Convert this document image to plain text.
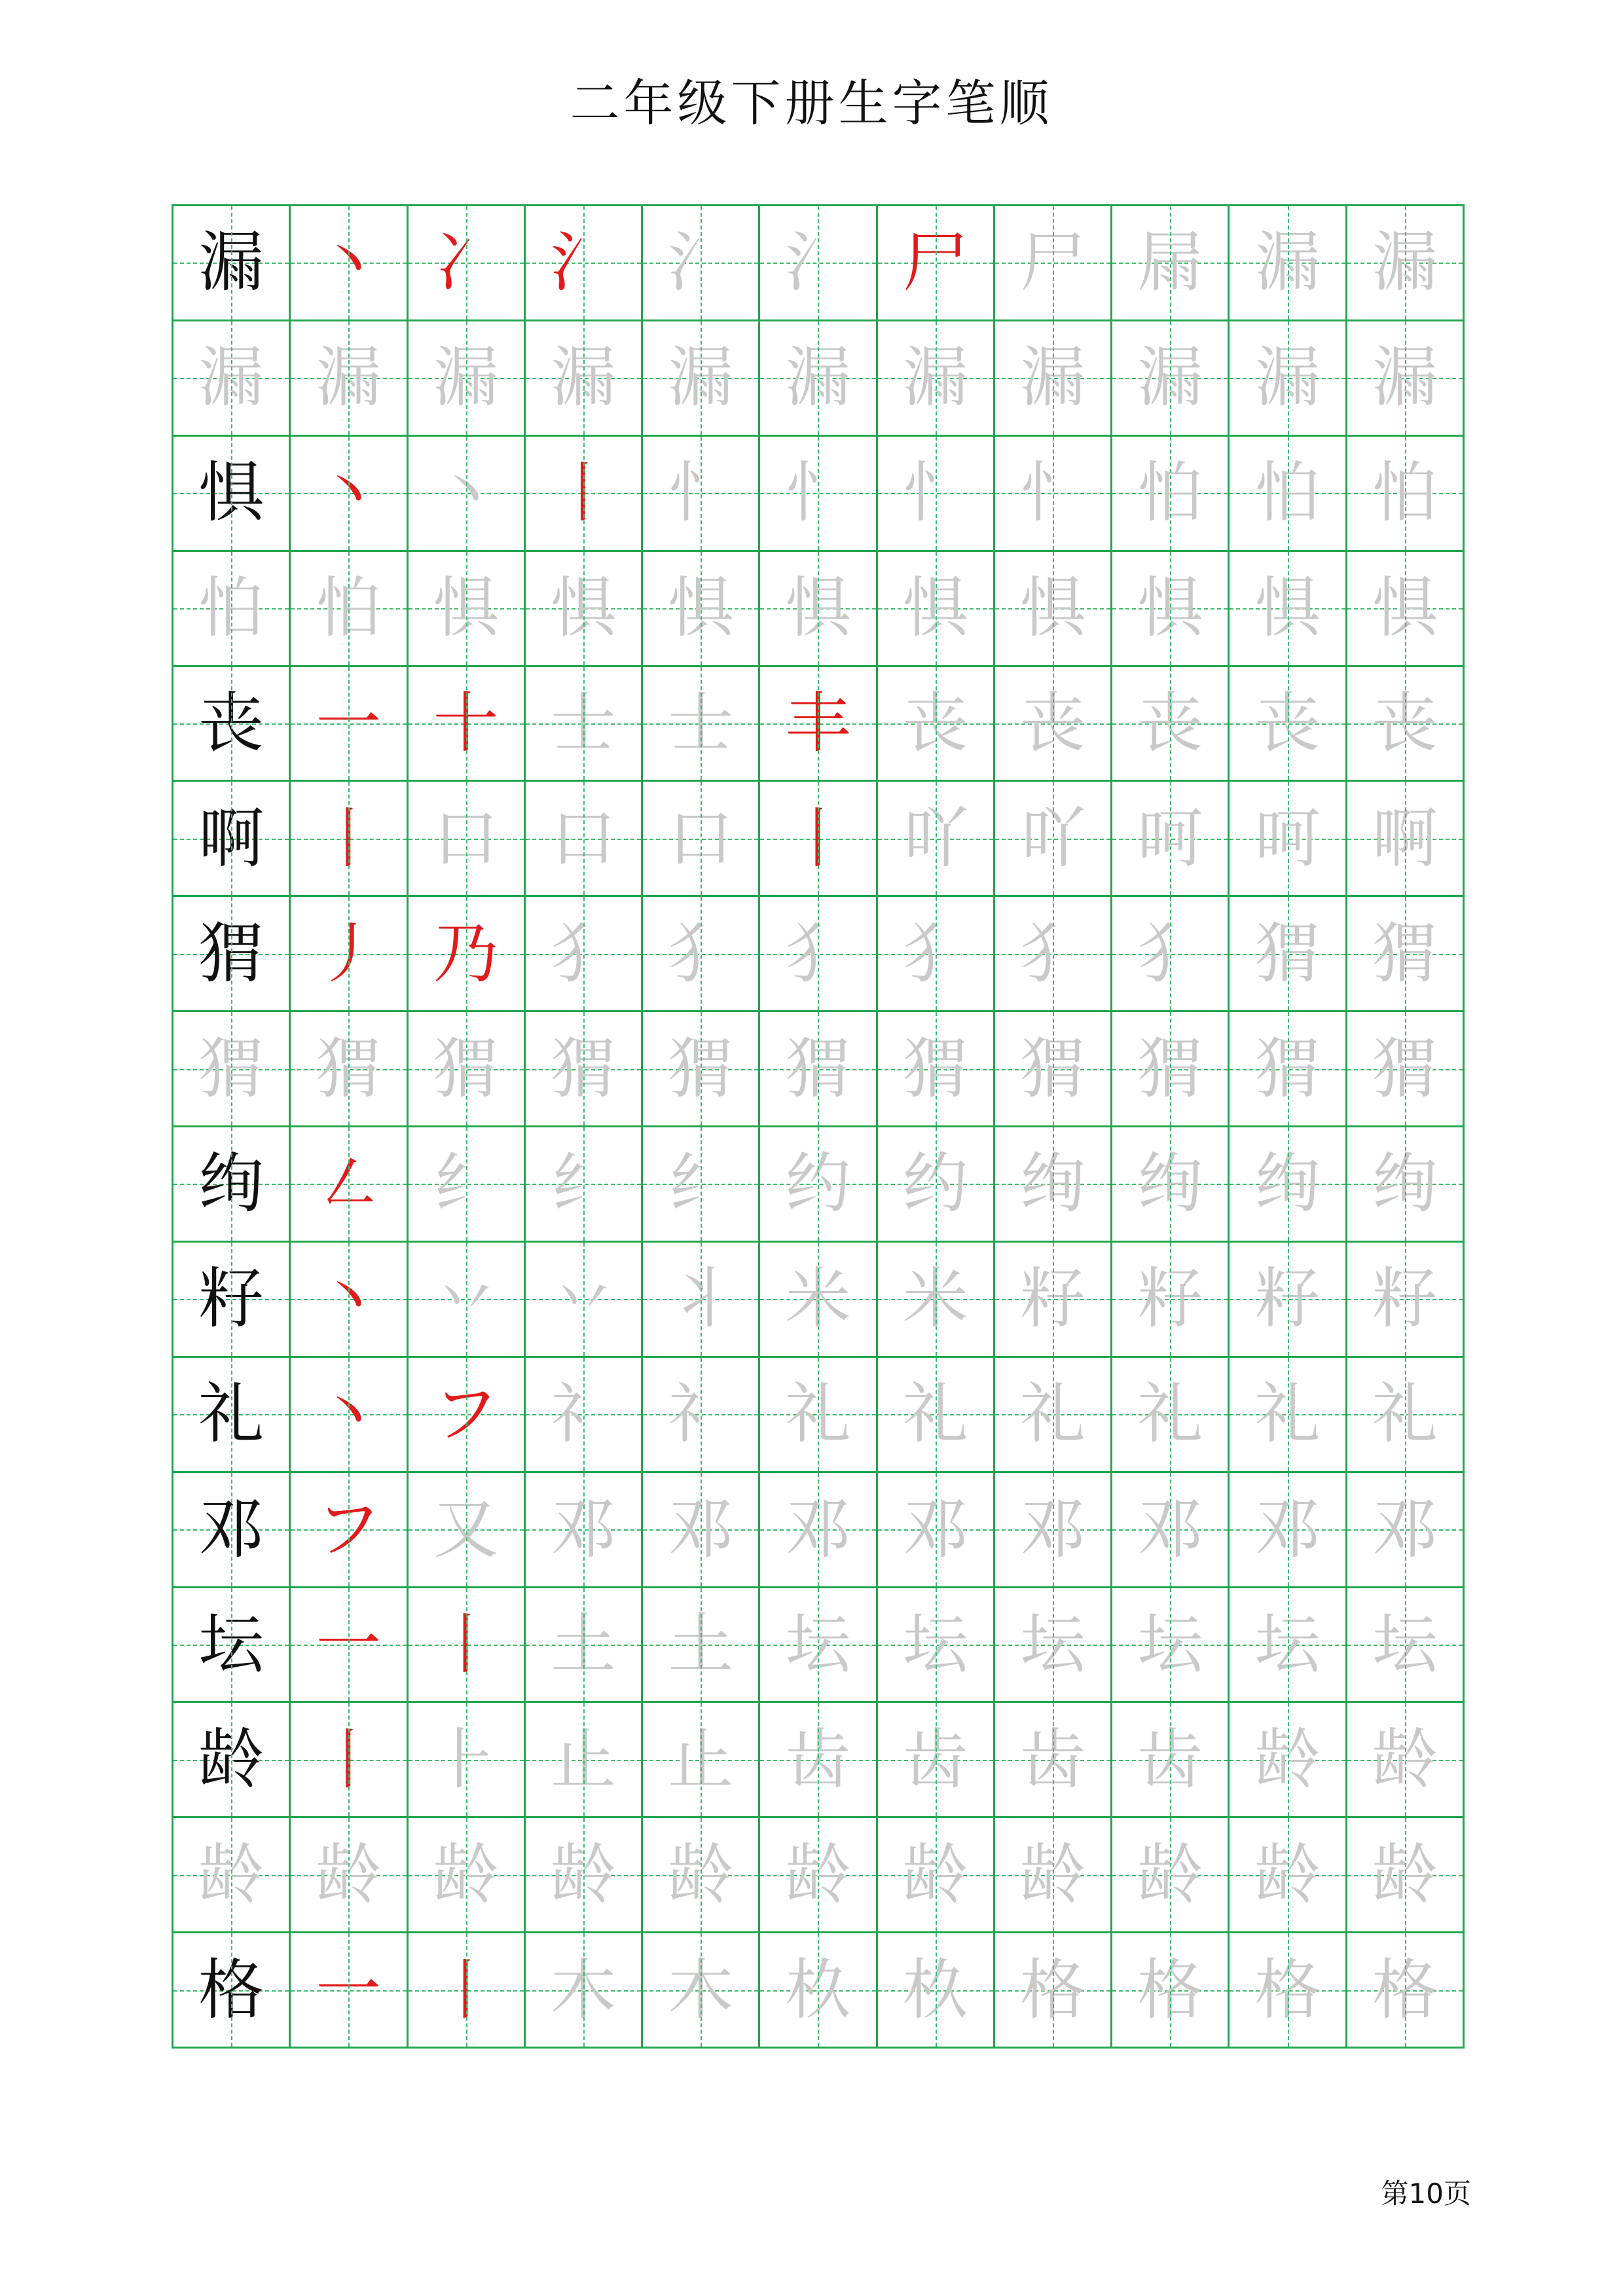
二年级下册生字笔顺
漏 丶 冫 氵 氵 氵 尸 尸 屚 漏 漏
漏 漏 漏 漏 漏 漏 漏 漏 漏 漏 漏
惧 丶 丶 丨 忄 忄 忄 忄 怕 怕 怕
怕 怕 惧 惧 惧 惧 惧 惧 惧 惧 惧
丧 一 十 士 士 丰 丧 丧 丧 丧 丧
啊 丨 口 口 口 丨 吖 吖 呵 呵 啊
猬 丿 乃 犭 犭 犭 犭 犭 犭 猬 猬
猬 猬 猬 猬 猬 猬 猬 猬 猬 猬 猬
绚 ㇜ 纟 纟 纟 约 约 绚 绚 绚 绚
籽 丶 丷 丷 丬 米 米 籽 籽 籽 籽
礼 丶 フ 礻 礻 礼 礼 礼 礼 礼 礼
邓 フ 又 邓 邓 邓 邓 邓 邓 邓 邓
坛 一 丨 土 土 坛 坛 坛 坛 坛 坛
龄 丨 ⺊ 止 止 齿 齿 齿 齿 龄 龄
龄 龄 龄 龄 龄 龄 龄 龄 龄 龄 龄
格 一 丨 木 木 杦 杦 格 格 格 格
第10页
